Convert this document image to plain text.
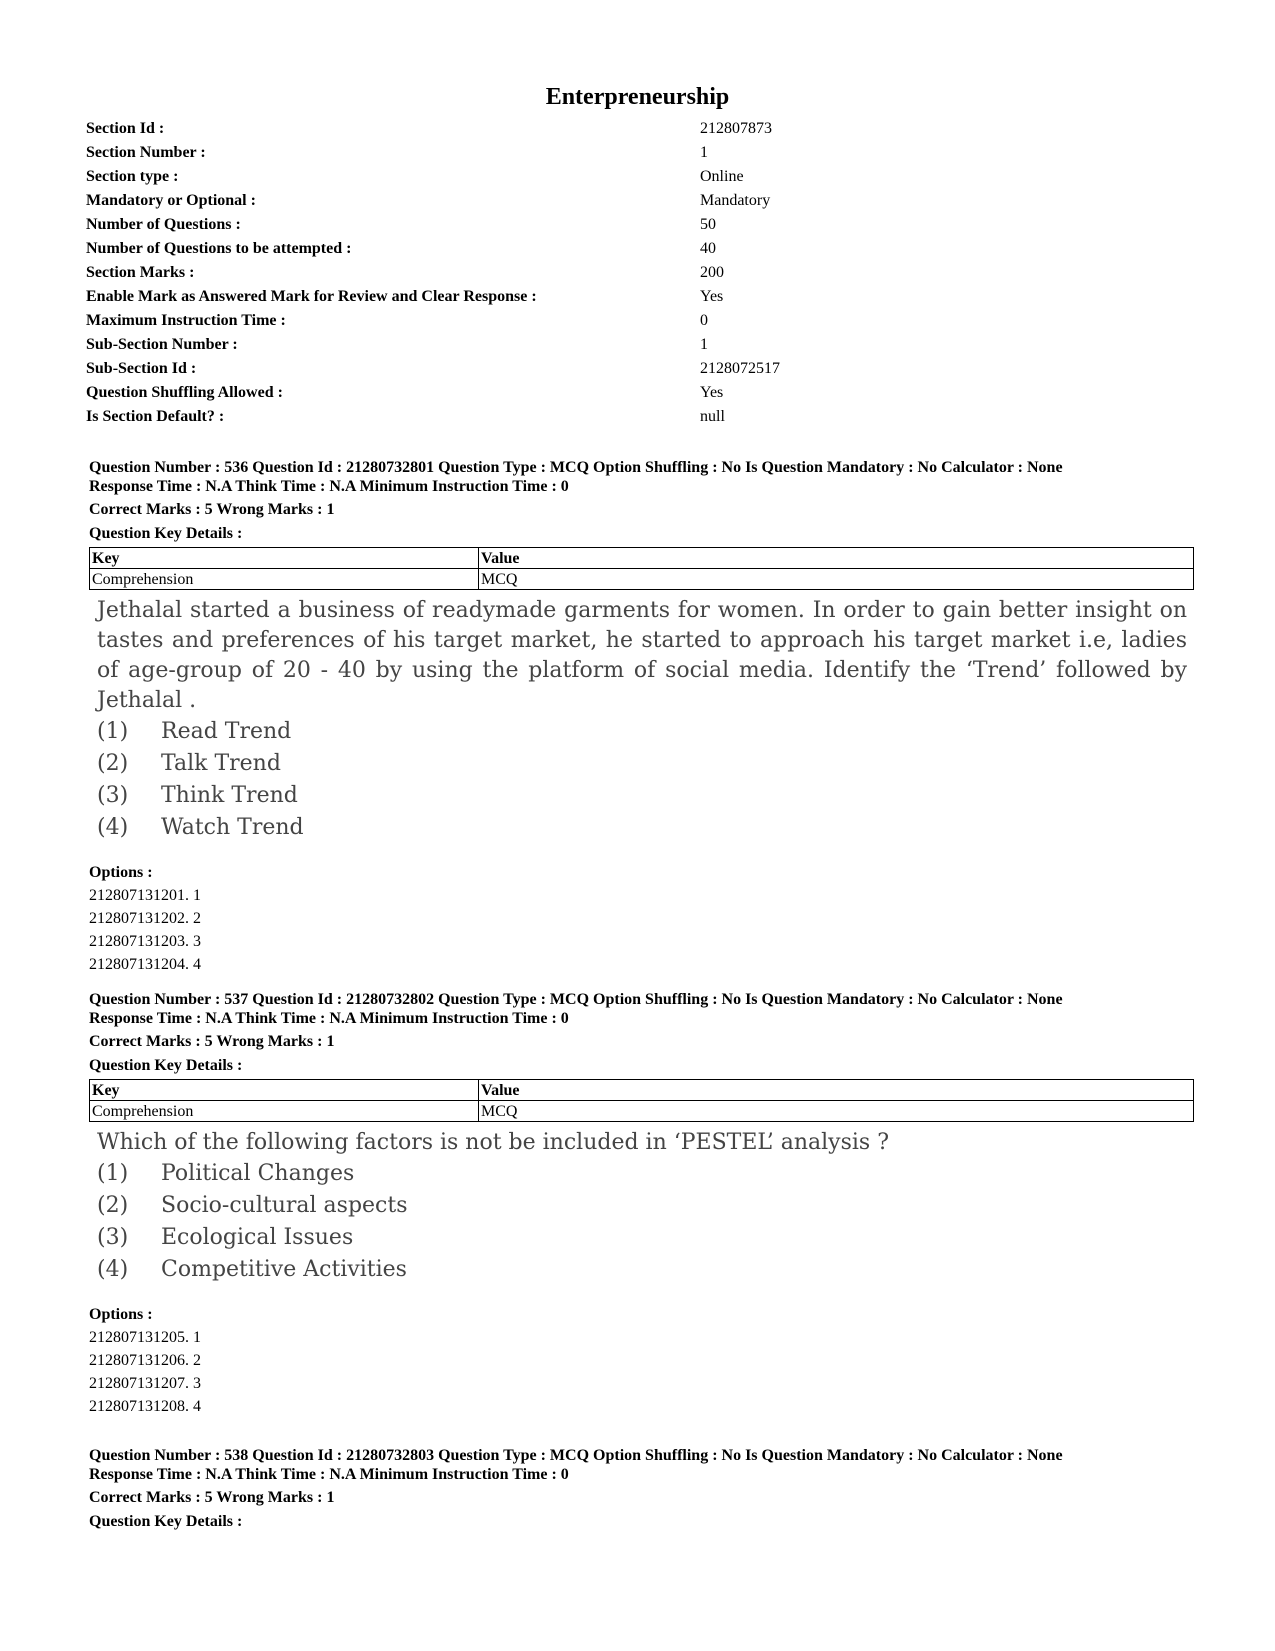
Enterpreneurship
Section Id :	212807873
Section Number :	1
Section type :	Online
Mandatory or Optional :	Mandatory
Number of Questions :	50
Number of Questions to be attempted :	40
Section Marks :	200
Enable Mark as Answered Mark for Review and Clear Response :	Yes
Maximum Instruction Time :	0
Sub-Section Number :	1
Sub-Section Id :	2128072517
Question Shuffling Allowed :	Yes
Is Section Default? :	null
Question Number : 536 Question Id : 21280732801 Question Type : MCQ Option Shuffling : No Is Question Mandatory : No Calculator : None
Response Time : N.A Think Time : N.A Minimum Instruction Time : 0
Correct Marks : 5 Wrong Marks : 1
Question Key Details :
Key	Value
Comprehension	MCQ
Jethalal started a business of readymade garments for women. In order to gain better insight on tastes and preferences of his target market, he started to approach his target market i.e, ladies of age-group of 20 - 40 by using the platform of social media. Identify the ‘Trend’ followed by Jethalal .
(1) Read Trend
(2) Talk Trend
(3) Think Trend
(4) Watch Trend
Options :
212807131201. 1
212807131202. 2
212807131203. 3
212807131204. 4
Question Number : 537 Question Id : 21280732802 Question Type : MCQ Option Shuffling : No Is Question Mandatory : No Calculator : None
Response Time : N.A Think Time : N.A Minimum Instruction Time : 0
Correct Marks : 5 Wrong Marks : 1
Question Key Details :
Key	Value
Comprehension	MCQ
Which of the following factors is not be included in ‘PESTEL’ analysis ?
(1) Political Changes
(2) Socio-cultural aspects
(3) Ecological Issues
(4) Competitive Activities
Options :
212807131205. 1
212807131206. 2
212807131207. 3
212807131208. 4
Question Number : 538 Question Id : 21280732803 Question Type : MCQ Option Shuffling : No Is Question Mandatory : No Calculator : None
Response Time : N.A Think Time : N.A Minimum Instruction Time : 0
Correct Marks : 5 Wrong Marks : 1
Question Key Details :
